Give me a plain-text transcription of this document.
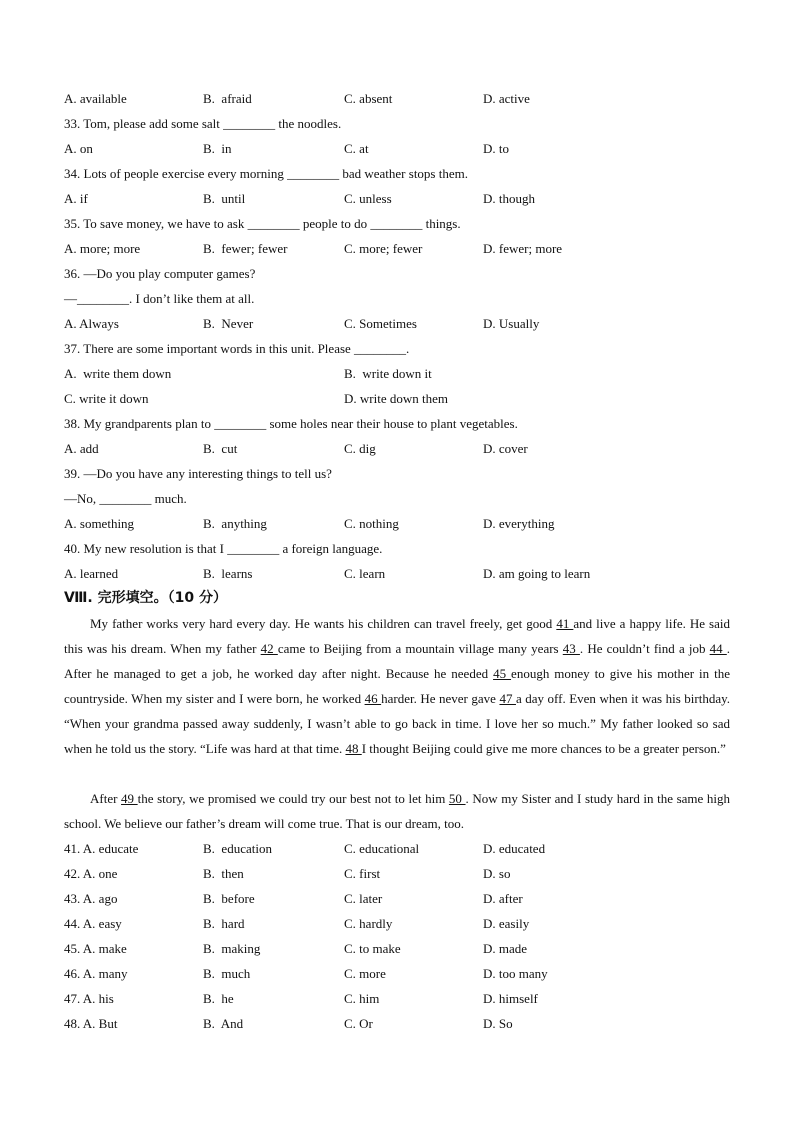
A. available	B.  afraid	C. absent	D. active
33. Tom, please add some salt ________ the noodles.
A. on	B.  in	C. at	D. to
34. Lots of people exercise every morning ________ bad weather stops them.
A. if	B.  until	C. unless	D. though
35. To save money, we have to ask ________ people to do ________ things.
A. more; more	B.  fewer; fewer	C. more; fewer	D. fewer; more
36. —Do you play computer games?
—________. I don’t like them at all.
A. Always	B.  Never	C. Sometimes	D. Usually
37. There are some important words in this unit. Please ________.
A.  write them down	B.  write down it
C. write it down	D. write down them
38. My grandparents plan to ________ some holes near their house to plant vegetables.
A. add	B.  cut	C. dig	D. cover
39. —Do you have any interesting things to tell us?
—No, ________ much.
A. something	B.  anything	C. nothing	D. everything
40. My new resolution is that I ________ a foreign language.
A. learned	B.  learns	C. learn	D. am going to learn
Ⅷ. 完形填空。（10 分）
My father works very hard every day. He wants his children can travel freely, get good 41 and live a happy life. He said this was his dream. When my father 42 came to Beijing from a mountain village many years 43 . He couldn’t find a job 44 . After he managed to get a job, he worked day after night. Because he needed 45 enough money to give his mother in the countryside. When my sister and I were born, he worked 46 harder. He never gave 47 a day off. Even when it was his birthday. “When your grandma passed away suddenly, I wasn’t able to go back in time. I love her so much.” My father looked so sad when he told us the story. “Life was hard at that time. 48 I thought Beijing could give me more chances to be a greater person.”
After 49 the story, we promised we could try our best not to let him 50 . Now my Sister and I study hard in the same high school. We believe our father’s dream will come true. That is our dream, too.
41. A. educate	B.  education	C. educational	D. educated
42. A. one	B.  then	C. first	D. so
43. A. ago	B.  before	C. later	D. after
44. A. easy	B.  hard	C. hardly	D. easily
45. A. make	B.  making	C. to make	D. made
46. A. many	B.  much	C. more	D. too many
47. A. his	B.  he	C. him	D. himself
48. A. But	B.  And	C. Or	D. So
